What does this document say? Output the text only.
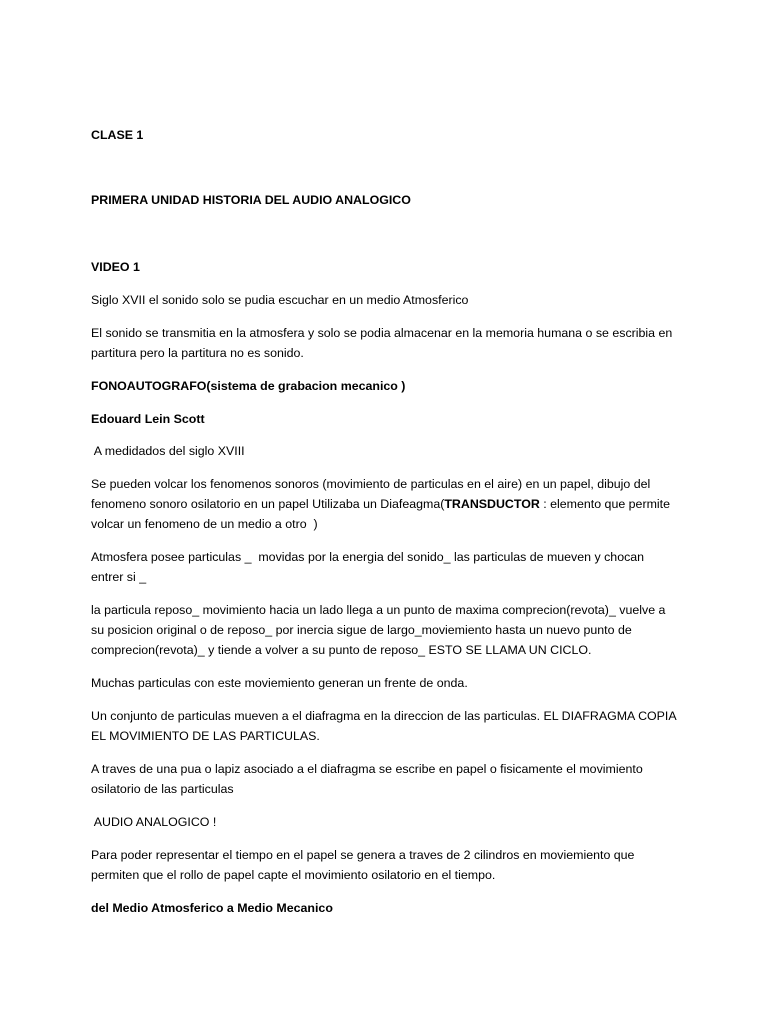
CLASE 1

PRIMERA UNIDAD HISTORIA DEL AUDIO ANALOGICO

VIDEO 1

Siglo XVII el sonido solo se pudia escuchar en un medio Atmosferico

El sonido se transmitia en la atmosfera y solo se podia almacenar en la memoria humana o se escribia en
partitura pero la partitura no es sonido.

FONOAUTOGRAFO(sistema de grabacion mecanico )

Edouard Lein Scott

A medidados del siglo XVIII

Se pueden volcar los fenomenos sonoros (movimiento de particulas en el aire) en un papel, dibujo del
fenomeno sonoro osilatorio en un papel Utilizaba un Diafeagma(TRANSDUCTOR : elemento que permite
volcar un fenomeno de un medio a otro  )
Atmosfera posee particulas _  movidas por la energia del sonido_ las particulas de mueven y chocan
entrer si _
la particula reposo_ movimiento hacia un lado llega a un punto de maxima comprecion(revota)_ vuelve a
su posicion original o de reposo_ por inercia sigue de largo_moviemiento hasta un nuevo punto de
comprecion(revota)_ y tiende a volver a su punto de reposo_ ESTO SE LLAMA UN CICLO.

Muchas particulas con este moviemiento generan un frente de onda.

Un conjunto de particulas mueven a el diafragma en la direccion de las particulas. EL DIAFRAGMA COPIA
EL MOVIMIENTO DE LAS PARTICULAS.
A traves de una pua o lapiz asociado a el diafragma se escribe en papel o fisicamente el movimiento
osilatorio de las particulas

AUDIO ANALOGICO !

Para poder representar el tiempo en el papel se genera a traves de 2 cilindros en moviemiento que
permiten que el rollo de papel capte el movimiento osilatorio en el tiempo.

del Medio Atmosferico a Medio Mecanico
